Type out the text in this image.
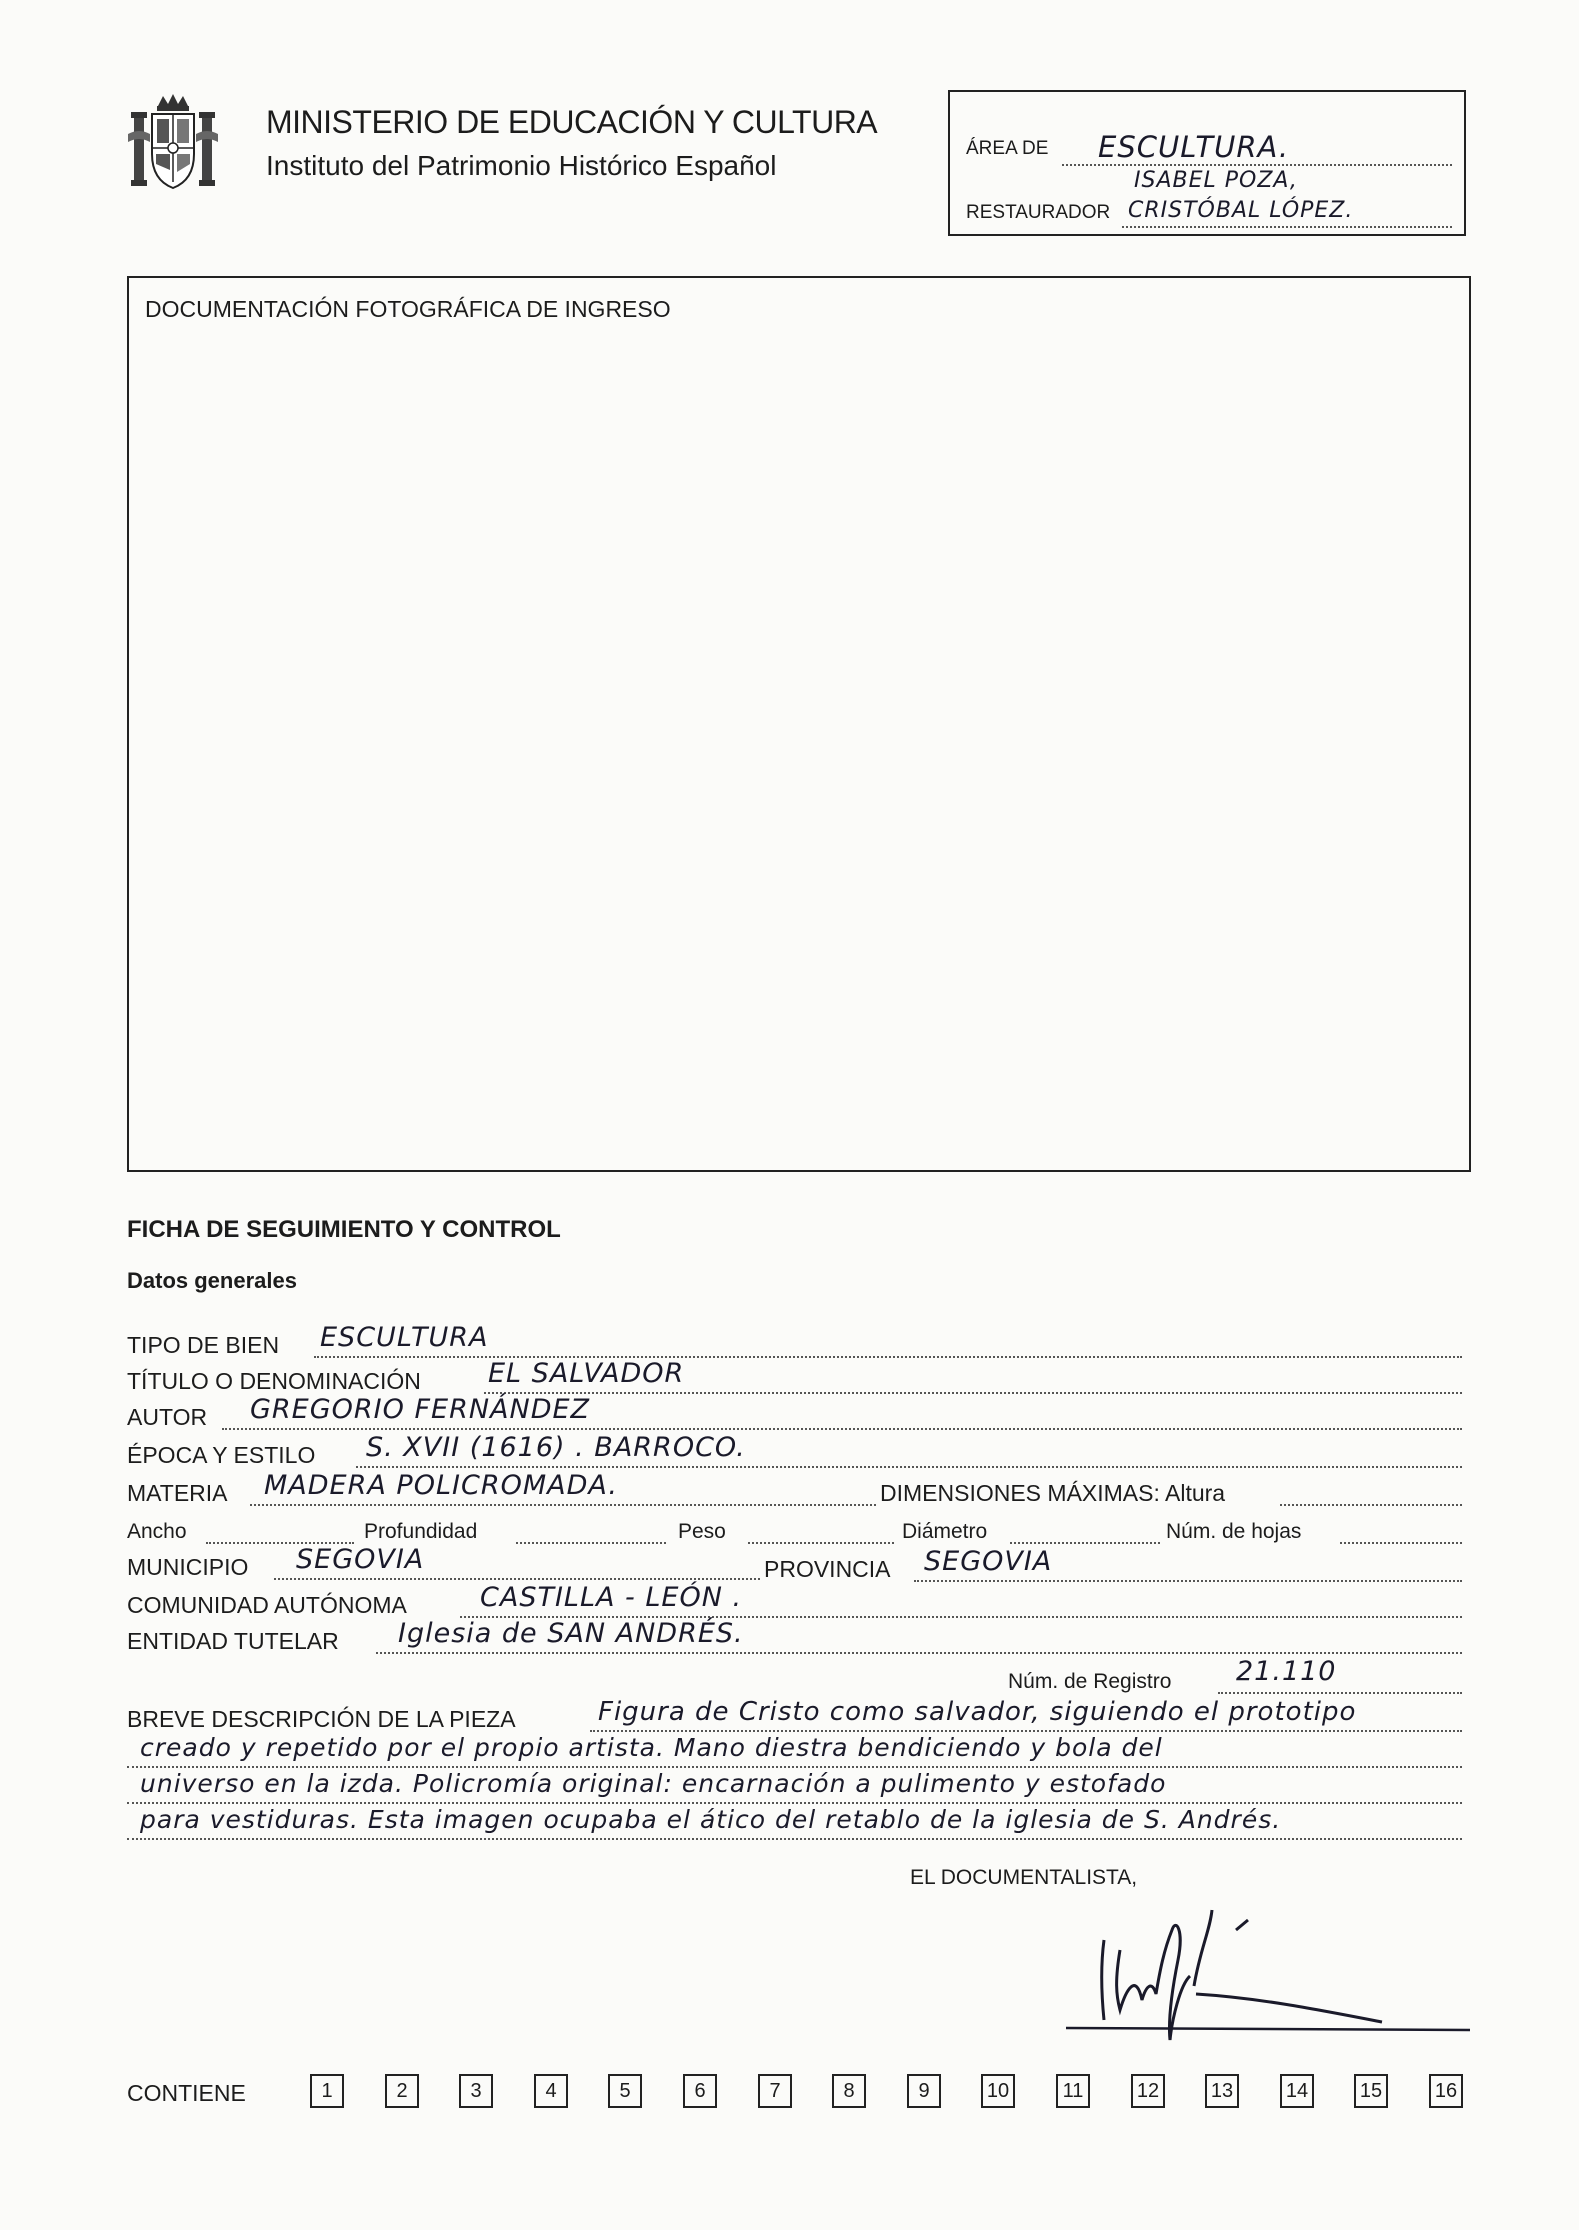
MINISTERIO DE EDUCACIÓN Y CULTURA
Instituto del Patrimonio Histórico Español
ÁREA DE ESCULTURA.
ISABEL POZA,
RESTAURADOR CRISTÓBAL LÓPEZ.
DOCUMENTACIÓN FOTOGRÁFICA DE INGRESO
FICHA DE SEGUIMIENTO Y CONTROL
Datos generales
TIPO DE BIEN ESCULTURA
TÍTULO O DENOMINACIÓN EL SALVADOR
AUTOR GREGORIO FERNÁNDEZ
ÉPOCA Y ESTILO S. XVII (1616) . BARROCO.
MATERIA MADERA POLICROMADA.	DIMENSIONES MÁXIMAS: Altura
Ancho	Profundidad	Peso	Diámetro	Núm. de hojas
MUNICIPIO SEGOVIA	PROVINCIA SEGOVIA
COMUNIDAD AUTÓNOMA	CASTILLA - LEÓN .
ENTIDAD TUTELAR Iglesia de SAN ANDRÉS.
Núm. de Registro 21.110
BREVE DESCRIPCIÓN DE LA PIEZA	Figura de Cristo como salvador, siguiendo el prototipo
creado y repetido por el propio artista. Mano diestra bendiciendo y bola del
universo en la izda. Policromía original: encarnación a pulimento y estofado
para vestiduras. Esta imagen ocupaba el ático del retablo de la iglesia de S. Andrés.
EL DOCUMENTALISTA,
CONTIENE	1	2	3	4	5	6	7	8	9	10	11	12	13	14	15	16
